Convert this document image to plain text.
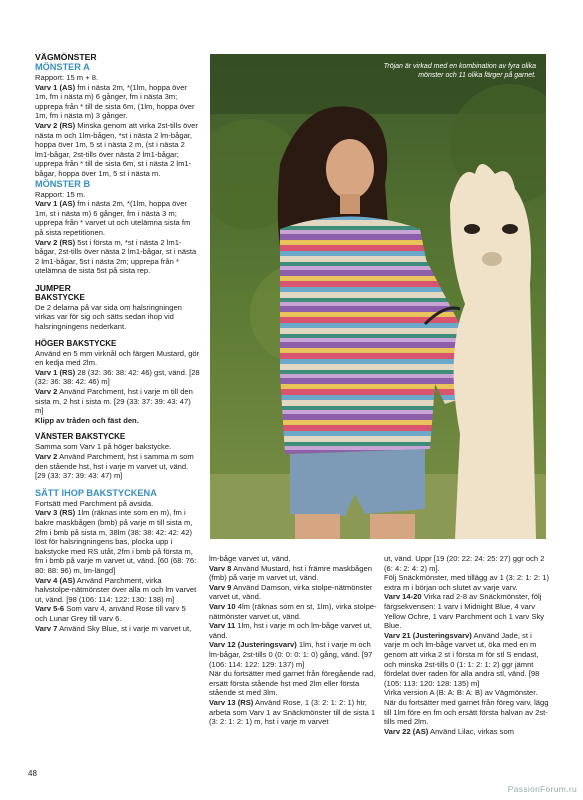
VÄGMÖNSTER

MÖNSTER A

Rapport: 15 m + 8.

Varv 1 (AS) fm i nästa 2m, *(1lm, hoppa över 1m, fm i nästa m) 6 gånger, fm i nästa 3m; upprepa från * till de sista 6m, (1lm, hoppa över 1m, fm i nästa m) 3 gånger.

Varv 2 (RS) Minska genom att virka 2st-tills över nästa m och 1lm-bågen, *st i nästa 2 lm-bågar, hoppa över 1m, 5 st i nästa 2 m, (st i nästa 2 lm1-bågar, 2st-tills över nästa 2 lm1-bågar; upprepa från * till de sista 6m, st i nästa 2 lm1-bågar, hoppa över 1m, 5 st i nästa m.

MÖNSTER B

Rapport: 15 m.

Varv 1 (AS) fm i nästa 2m, *(1lm, hoppa över 1m, st i nästa m) 6 gånger, fm i nästa 3 m; upprepa från * varvet ut och utelämna sista fm på sista repetitionen.

Varv 2 (RS) 5st i första m, *st i nästa 2 lm1-bågar, 2st-tills över nästa 2 lm1-bågar, st i nästa 2 lm1-bågar, 5st i nästa 2m; upprepa från * utelämna de sista 5st på sista rep.

JUMPER

BAKSTYCKE

De 2 delarna på var sida om halsringningen virkas var för sig och sätts sedan ihop vid halsringningens nederkant.

HÖGER BAKSTYCKE

Använd en 5 mm virknål och färgen Mustard, gör en kedja med 2lm.

Varv 1 (RS) 28 (32: 36: 38: 42: 46) gst, vänd. [28 (32: 36: 38: 42: 46) m]

Varv 2 Använd Parchment, hst i varje m till den sista m, 2 hst i sista m. [29 (33: 37: 39: 43: 47) m]

Klipp av tråden och fäst den.

VÄNSTER BAKSTYCKE

Samma som Varv 1 på höger bakstycke.

Varv 2 Använd Parchment, hst i samma m som den stående hst, hst i varje m varvet ut, vänd. [29 (33: 37: 39: 43: 47) m]

SÄTT IHOP BAKSTYCKENA

Fortsätt med Parchment på avsida.

Varv 3 (RS) 1lm (räknas inte som en m), fm i bakre maskbågen (bmb) på varje m till sista m, 2fm i bmb på sista m, 38lm (38: 38: 42: 42: 42) löst för halsringningens bas, plocka upp i bakstycke med RS utåt, 2fm i bmb på första m, fm i bmb på varje m varvet ut, vänd. [60 (68: 76: 80: 88: 96) m, lm-längd]

Varv 4 (AS) Använd Parchment, virka halvstolpe-nätmönster över alla m och lm varvet ut, vänd. [98 (106: 114: 122: 130: 138) m]

Varv 5-6 Som varv 4, använd Rose till varv 5 och Lunar Grey till varv 6.

Varv 7 Använd Sky Blue, st i varje m varvet ut,

Tröjan är virkad med en kombination av fyra olika mönster och 11 olika färger på garnet.

lm-båge varvet ut, vänd.

Varv 8 Använd Mustard, hst i främre maskbågen (fmb) på varje m varvet ut, vänd.

Varv 9 Använd Damson, virka stolpe-nätmönster varvet ut, vänd.

Varv 10 4lm (räknas som en st, 1lm), virka stolpe-nätmönster varvet ut, vänd.

Varv 11 1lm, hst i varje m och lm-båge varvet ut, vänd.

Varv 12 (Justeringsvarv) 1lm, hst i varje m och lm-bågar, 2st-tills 0 (0: 0: 0: 1: 0) gång, vänd. [97 (106: 114: 122: 129: 137) m]

När du fortsätter med garnet från föregående rad, ersätt första stående hst med 2lm eller första stående st med 3lm.

Varv 13 (RS) Använd Rose, 1 (3: 2: 1: 2: 1) htr, arbeta som Varv 1 av Snäckmönster till de sista 1 (3: 2: 1: 2: 1) m, hst i varje m varvet

ut, vänd. Uppr [19 (20: 22: 24: 25: 27) ggr och 2 (6: 4: 2: 4: 2) m].

Följ Snäckmönster, med tillägg av 1 (3: 2: 1: 2: 1) extra m i början och slutet av varje varv.

Varv 14-20 Virka rad 2-8 av Snäckmönster, följ färgsekvensen: 1 varv i Midnight Blue, 4 varv Yellow Ochre, 1 varv Parchment och 1 varv Sky Blue.

Varv 21 (Justeringsvarv) Använd Jade, st i varje m och lm-båge varvet ut, öka med en m genom att virka 2 st i första m för stl S endast, och minska 2st-tills 0 (1: 1: 2: 1: 2) ggr jämnt fördelat över raden för alla andra stl, vänd. [98 (105: 113: 120: 128: 135) m]

Virka version A (B: A: B: A: B) av Vägmönster. När du fortsätter med garnet från föreg varv, lägg till 1lm före en fm och ersätt första halvan av 2st-tills med 2lm.

Varv 22 (AS) Använd Lilac, virkas som

48
PassionForum.ru
